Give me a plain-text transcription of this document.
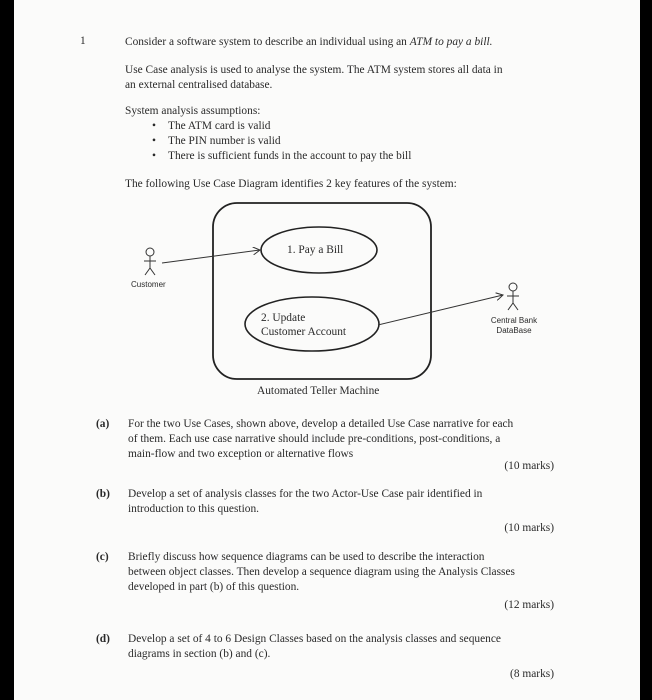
1	Consider a software system to describe an individual using an ATM to pay a bill.
Use Case analysis is used to analyse the system. The ATM system stores all data in
an external centralised database.
System analysis assumptions:
• The ATM card is valid
• The PIN number is valid
• There is sufficient funds in the account to pay the bill
The following Use Case Diagram identifies 2 key features of the system:
Customer
Central Bank
DataBase
1. Pay a Bill
2. Update
Customer Account
Automated Teller Machine
(a) For the two Use Cases, shown above, develop a detailed Use Case narrative for each
of them. Each use case narrative should include pre-conditions, post-conditions, a
main-flow and two exception or alternative flows
(10 marks)
(b) Develop a set of analysis classes for the two Actor-Use Case pair identified in
introduction to this question.
(10 marks)
(c) Briefly discuss how sequence diagrams can be used to describe the interaction
between object classes. Then develop a sequence diagram using the Analysis Classes
developed in part (b) of this question.
(12 marks)
(d) Develop a set of 4 to 6 Design Classes based on the analysis classes and sequence
diagrams in section (b) and (c).
(8 marks)
